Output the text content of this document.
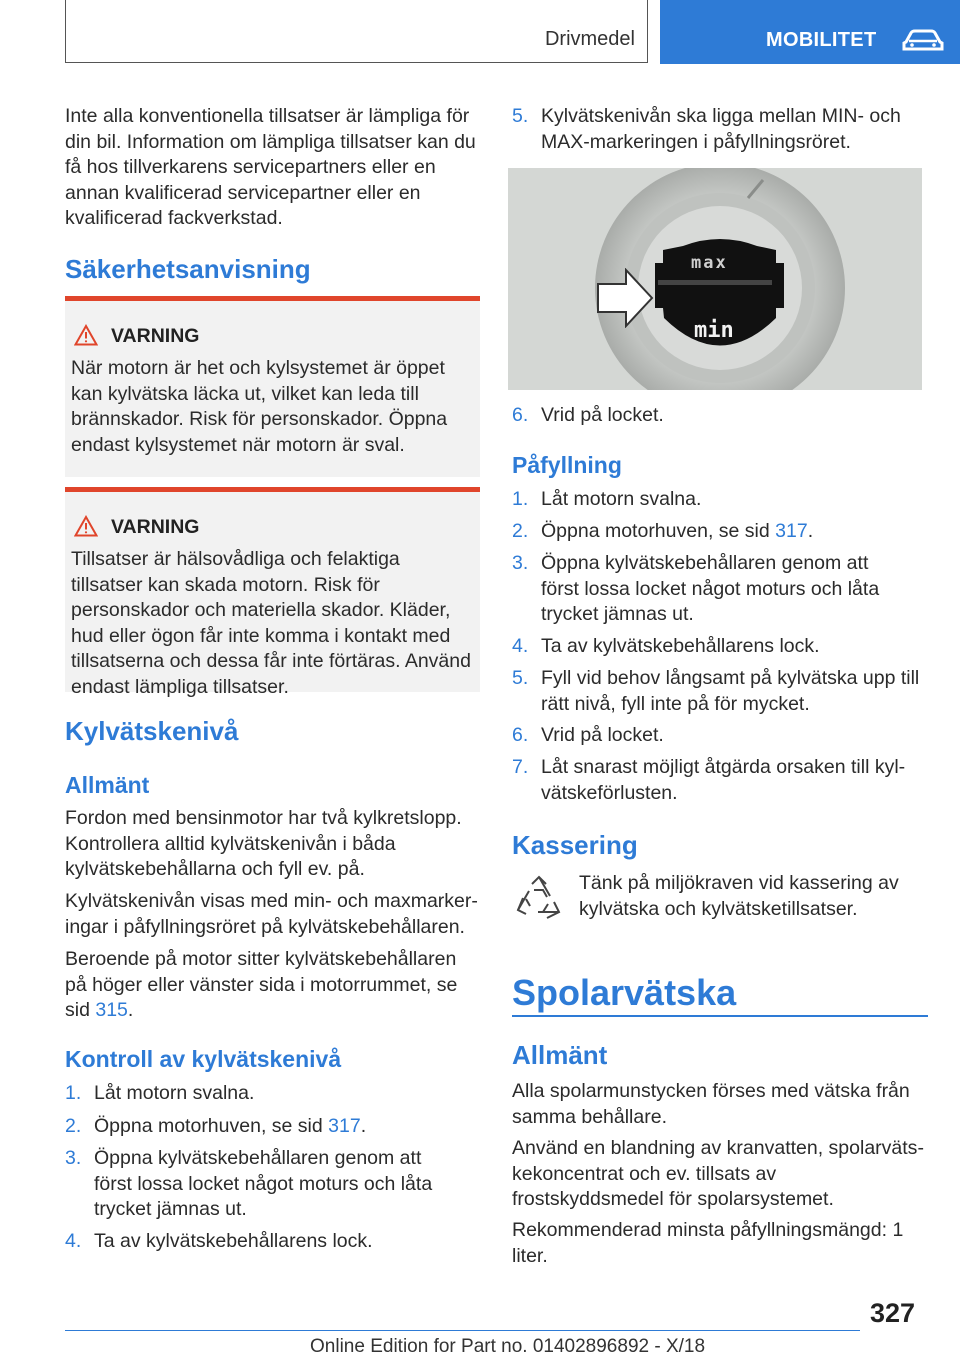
Drivmedel	MOBILITET
Inte alla konventionella tillsatser är lämpliga för din bil. Information om lämpliga tillsatser kan du få hos tillverkarens servicepartners eller en annan kvalificerad servicepartner eller en kvalificerad fackverkstad.
Säkerhetsanvisning
VARNING
När motorn är het och kylsystemet är öppet kan kylvätska läcka ut, vilket kan leda till brännskador. Risk för personskador. Öppna endast kylsystemet när motorn är sval.
VARNING
Tillsatser är hälsovådliga och felaktiga tillsatser kan skada motorn. Risk för personskador och materiella skador. Kläder, hud eller ögon får inte komma i kontakt med tillsatserna och dessa får inte förtäras. Använd endast lämpliga tillsatser.
Kylvätskenivå
Allmänt
Fordon med bensinmotor har två kylkretslopp. Kontrollera alltid kylvätskenivån i båda kylvätskebehållarna och fyll ev. på.
Kylvätskenivån visas med min- och maxmarkeringar i påfyllningsröret på kylvätskebehållaren.
Beroende på motor sitter kylvätskebehållaren på höger eller vänster sida i motorrummet, se sid 315.
Kontroll av kylvätskenivå
1. Låt motorn svalna.
2. Öppna motorhuven, se sid 317.
3. Öppna kylvätskebehållaren genom att först lossa locket något moturs och låta trycket jämnas ut.
4. Ta av kylvätskebehållarens lock.
5. Kylvätskenivån ska ligga mellan MIN- och MAX-markeringen i påfyllningsröret.
max
min
6. Vrid på locket.
Påfyllning
1. Låt motorn svalna.
2. Öppna motorhuven, se sid 317.
3. Öppna kylvätskebehållaren genom att först lossa locket något moturs och låta trycket jämnas ut.
4. Ta av kylvätskebehållarens lock.
5. Fyll vid behov långsamt på kylvätska upp till rätt nivå, fyll inte på för mycket.
6. Vrid på locket.
7. Låt snarast möjligt åtgärda orsaken till kylvätskeförlusten.
Kassering
Tänk på miljökraven vid kassering av kylvätska och kylvätsketillsatser.
Spolarvätska
Allmänt
Alla spolarmunstycken förses med vätska från samma behållare.
Använd en blandning av kranvatten, spolarvätskekoncentrat och ev. tillsats av frostskyddsmedel för spolarsystemet.
Rekommenderad minsta påfyllningsmängd: 1 liter.
327
Online Edition for Part no. 01402896892 - X/18
